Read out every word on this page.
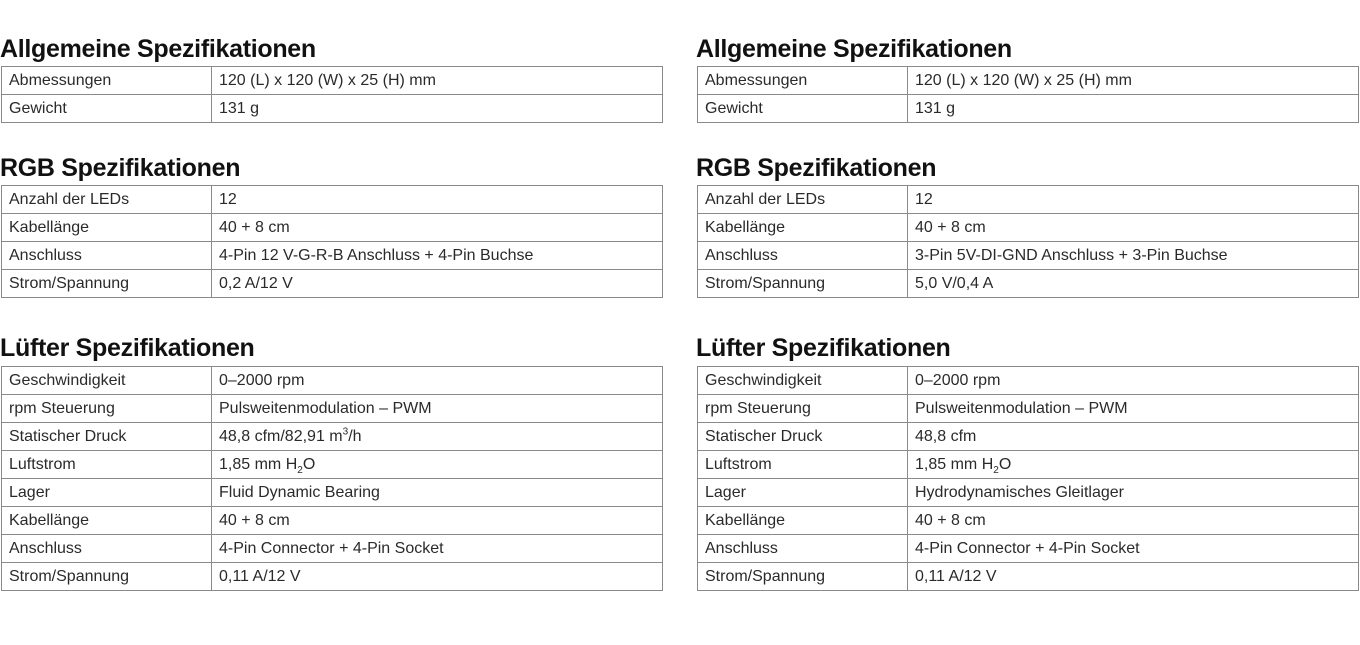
Allgemeine Spezifikationen
Abmessungen	120 (L) x 120 (W) x 25 (H) mm
Gewicht	131 g
RGB Spezifikationen
Anzahl der LEDs	12
Kabellänge	40 + 8 cm
Anschluss	4-Pin 12 V-G-R-B Anschluss + 4-Pin Buchse
Strom/Spannung	0,2 A/12 V
Lüfter Spezifikationen
Geschwindigkeit	0–2000 rpm
rpm Steuerung	Pulsweitenmodulation – PWM
Statischer Druck	48,8 cfm/82,91 $m^3/h$
Luftstrom	1,85 mm $H_2O$
Lager	Fluid Dynamic Bearing
Kabellänge	40 + 8 cm
Anschluss	4-Pin Connector + 4-Pin Socket
Strom/Spannung	0,11 A/12 V
Allgemeine Spezifikationen
Abmessungen	120 (L) x 120 (W) x 25 (H) mm
Gewicht	131 g
RGB Spezifikationen
Anzahl der LEDs	12
Kabellänge	40 + 8 cm
Anschluss	3-Pin 5V-DI-GND Anschluss + 3-Pin Buchse
Strom/Spannung	5,0 V/0,4 A
Lüfter Spezifikationen
Geschwindigkeit	0–2000 rpm
rpm Steuerung	Pulsweitenmodulation – PWM
Statischer Druck	48,8 cfm
Luftstrom	1,85 mm $H_2O$
Lager	Hydrodynamisches Gleitlager
Kabellänge	40 + 8 cm
Anschluss	4-Pin Connector + 4-Pin Socket
Strom/Spannung	0,11 A/12 V
